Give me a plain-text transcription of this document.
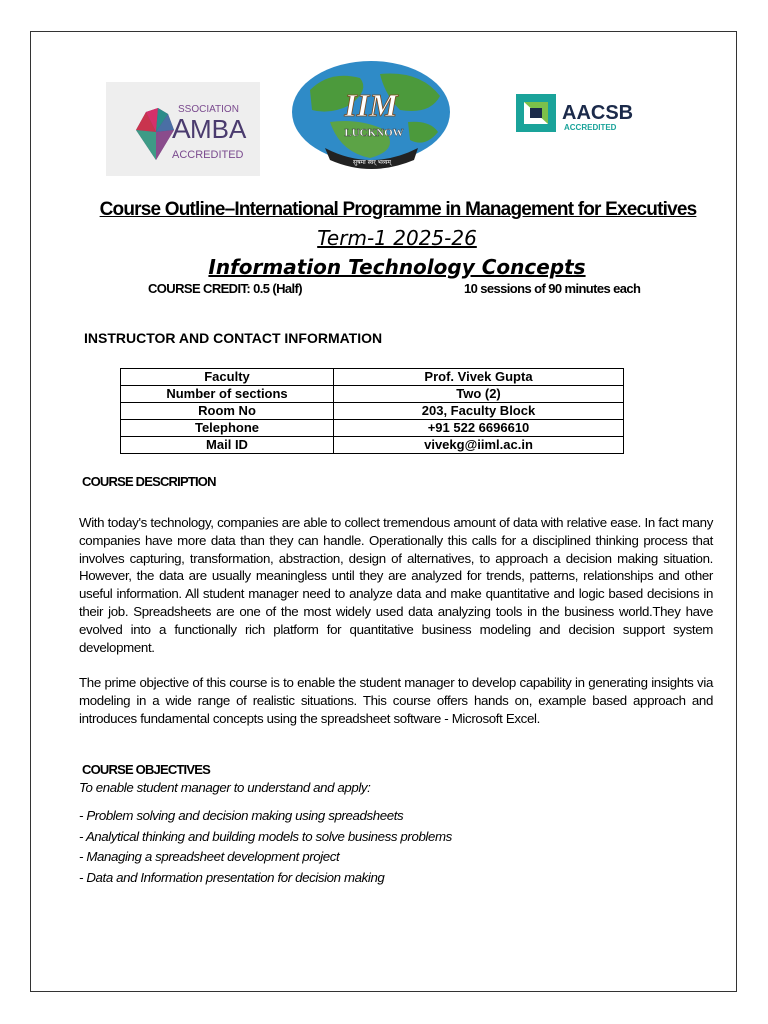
SSOCIATION
A MBA
ACCREDITED
IIM
LUCKNOW
सुषमा स्वर् भव्यम्
AACSB
ACCREDITED
Course Outline–International Programme in Management for Executives
Term-1 2025-26
Information Technology Concepts
COURSE CREDIT: 0.5 (Half)	10 sessions of 90 minutes each
INSTRUCTOR AND CONTACT INFORMATION
Faculty	Prof. Vivek Gupta
Number of sections	Two (2)
Room No	203, Faculty Block
Telephone	+91 522 6696610
Mail ID	vivekg@iiml.ac.in
COURSE DESCRIPTION
With today's technology, companies are able to collect tremendous amount of data with relative ease. In fact many companies have more data than they can handle. Operationally this calls for a disciplined thinking process that involves capturing, transformation, abstraction, design of alternatives, to approach a decision making situation. However, the data are usually meaningless until they are analyzed for trends, patterns, relationships and other useful information. All student manager need to analyze data and make quantitative and logic based decisions in their job. Spreadsheets are one of the most widely used data analyzing tools in the business world.They have evolved into a functionally rich platform for quantitative business modeling and decision support system development.
The prime objective of this course is to enable the student manager to develop capability in generating insights via modeling in a wide range of realistic situations. This course offers hands on, example based approach and introduces fundamental concepts using the spreadsheet software - Microsoft Excel.
COURSE OBJECTIVES
To enable student manager to understand and apply:
- Problem solving and decision making using spreadsheets
- Analytical thinking and building models to solve business problems
- Managing a spreadsheet development project
- Data and Information presentation for decision making
